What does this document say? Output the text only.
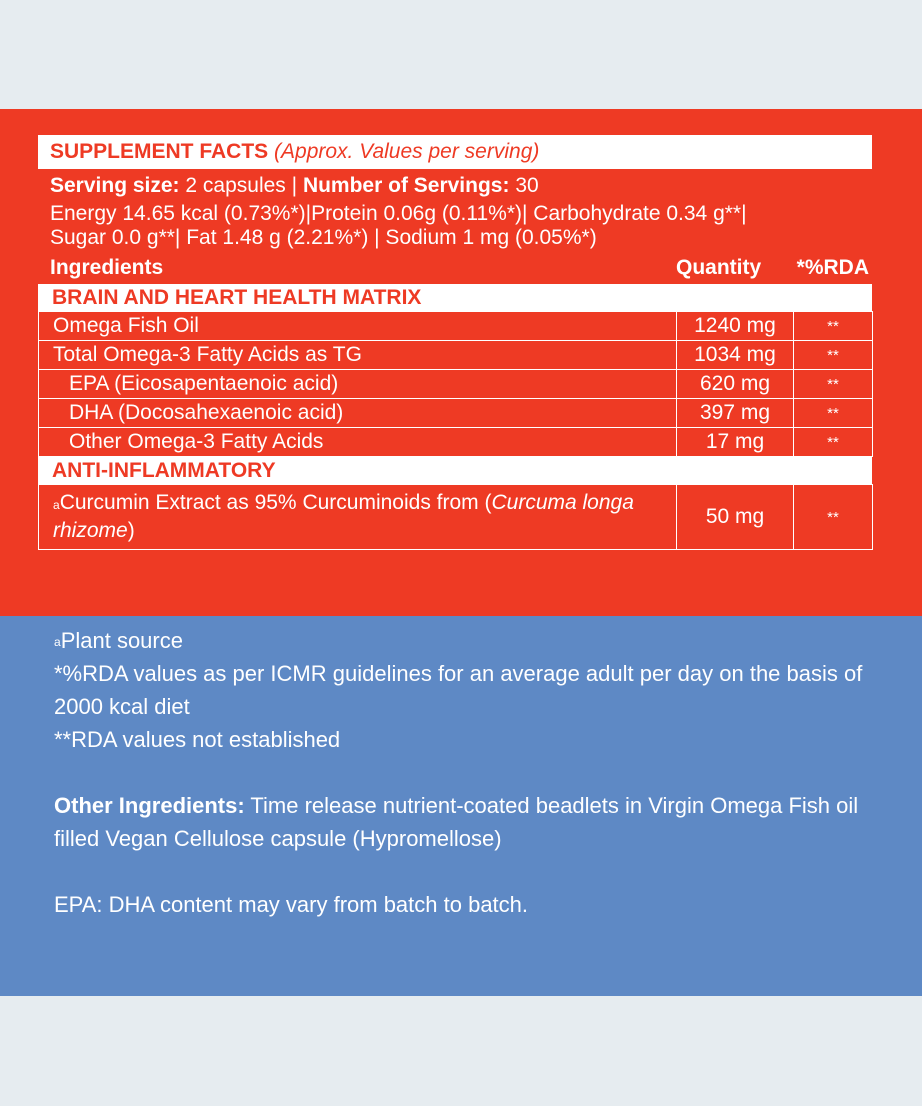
SUPPLEMENT FACTS (Approx. Values per serving)
Serving size: 2 capsules | Number of Servings: 30
Energy 14.65 kcal (0.73%*)|Protein 0.06g (0.11%*)| Carbohydrate 0.34 g**|
Sugar 0.0 g**| Fat 1.48 g (2.21%*) | Sodium 1 mg (0.05%*)
Ingredients	Quantity *%RDA
BRAIN AND HEART HEALTH MATRIX
Omega Fish Oil	1240 mg	**
Total Omega-3 Fatty Acids as TG	1034 mg	**
EPA (Eicosapentaenoic acid)	620 mg	**
DHA (Docosahexaenoic acid)	397 mg	**
Other Omega-3 Fatty Acids	17 mg	**
ANTI-INFLAMMATORY
$^a$Curcumin Extract as 95% Curcuminoids from (Curcuma longa rhizome)	50 mg	**

$^a$Plant source

*%RDA values as per ICMR guidelines for an average adult per day on the basis of 2000 kcal diet

**RDA values not established

Other Ingredients: Time release nutrient-coated beadlets in Virgin Omega Fish oil filled Vegan Cellulose capsule (Hypromellose)

EPA: DHA content may vary from batch to batch.
